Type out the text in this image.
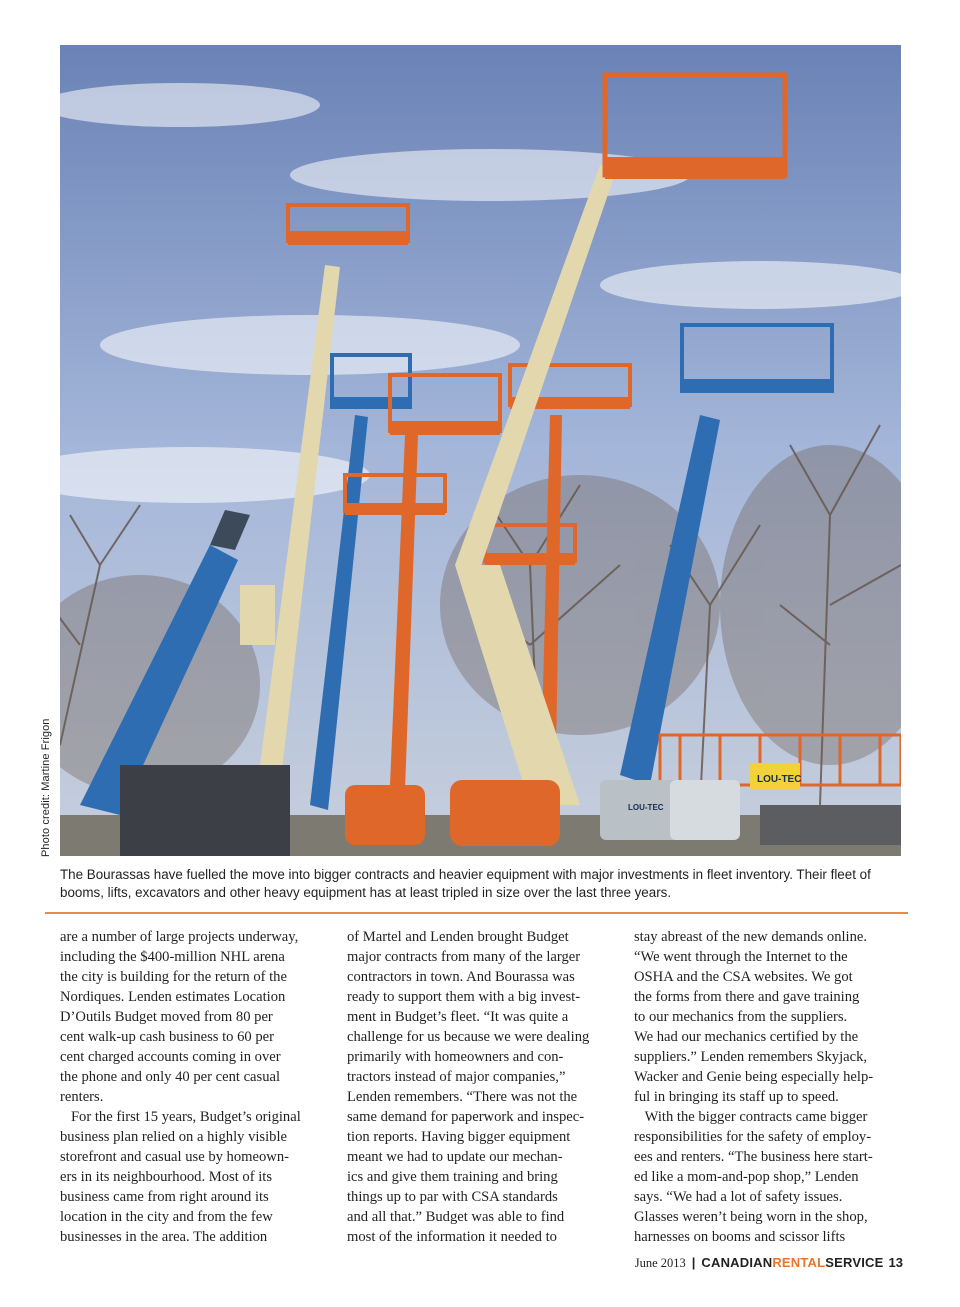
LOU-TEC
LOU-TEC
Photo credit: Martine Frigon
The Bourassas have fuelled the move into bigger contracts and heavier equipment with major investments in fleet inventory. Their fleet of booms, lifts, excavators and other heavy equipment has at least tripled in size over the last three years.
are a number of large projects underway,
including the $400-million NHL arena
the city is building for the return of the
Nordiques. Lenden estimates Location
D’Outils Budget moved from 80 per
cent walk-up cash business to 60 per
cent charged accounts coming in over
the phone and only 40 per cent casual
renters.
For the first 15 years, Budget’s original
business plan relied on a highly visible
storefront and casual use by homeown-
ers in its neighbourhood. Most of its
business came from right around its
location in the city and from the few
businesses in the area. The addition
of Martel and Lenden brought Budget
major contracts from many of the larger
contractors in town. And Bourassa was
ready to support them with a big invest-
ment in Budget’s fleet. “It was quite a
challenge for us because we were dealing
primarily with homeowners and con-
tractors instead of major companies,”
Lenden remembers. “There was not the
same demand for paperwork and inspec-
tion reports. Having bigger equipment
meant we had to update our mechan-
ics and give them training and bring
things up to par with CSA standards
and all that.” Budget was able to find
most of the information it needed to
stay abreast of the new demands online.
“We went through the Internet to the
OSHA and the CSA websites. We got
the forms from there and gave training
to our mechanics from the suppliers.
We had our mechanics certified by the
suppliers.” Lenden remembers Skyjack,
Wacker and Genie being especially help-
ful in bringing its staff up to speed.
With the bigger contracts came bigger
responsibilities for the safety of employ-
ees and renters. “The business here start-
ed like a mom-and-pop shop,” Lenden
says. “We had a lot of safety issues.
Glasses weren’t being worn in the shop,
harnesses on booms and scissor lifts
June 2013 | CANADIANRENTALSERVICE 13
